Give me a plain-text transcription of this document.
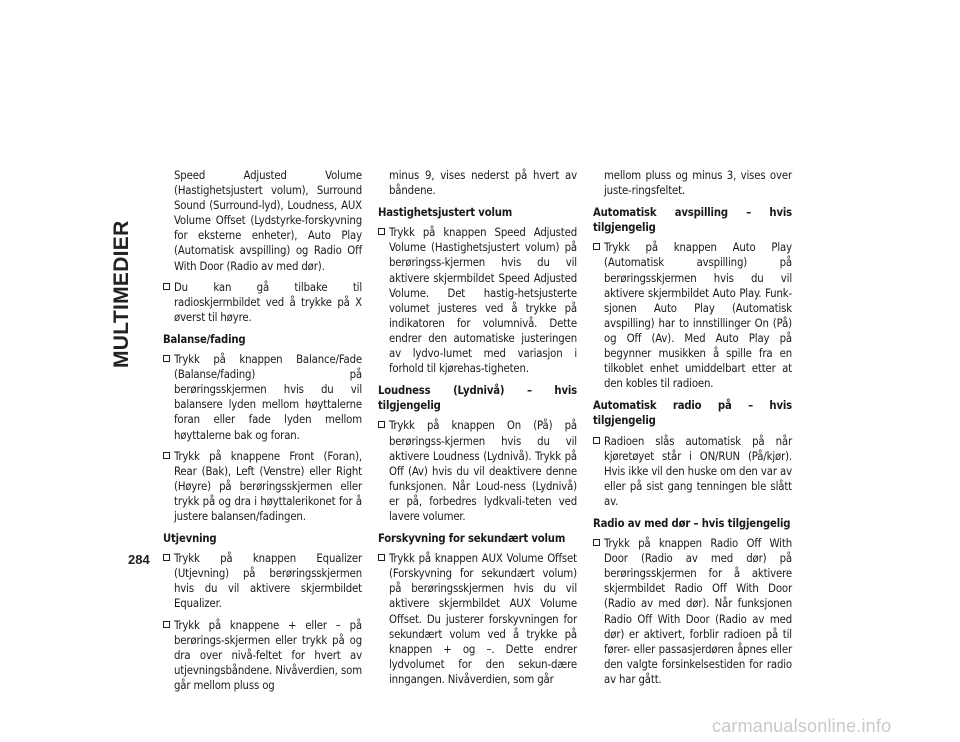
MULTIMEDIER
284

Speed Adjusted Volume (Hastighetsjustert volum), Surround Sound (Surround-lyd), Loudness, AUX Volume Offset (Lydstyrke-forskyvning for eksterne enheter), Auto Play (Automatisk avspilling) og Radio Off With Door (Radio av med dør).

Du kan gå tilbake til radioskjermbildet ved å trykke på X øverst til høyre.

Balanse/fading

Trykk på knappen Balance/Fade (Balanse/fading) på berøringsskjermen hvis du vil balansere lyden mellom høyttalerne foran eller fade lyden mellom høyttalerne bak og foran.
Trykk på knappene Front (Foran), Rear (Bak), Left (Venstre) eller Right (Høyre) på berøringsskjermen eller trykk på og dra i høyttalerikonet for å justere balansen/fadingen.

Utjevning

Trykk på knappen Equalizer (Utjevning) på berøringsskjermen hvis du vil aktivere skjermbildet Equalizer.
Trykk på knappene + eller – på berørings-skjermen eller trykk på og dra over nivå-feltet for hvert av utjevningsbåndene. Nivåverdien, som går mellom pluss og

minus 9, vises nederst på hvert av båndene.

Hastighetsjustert volum

Trykk på knappen Speed Adjusted Volume (Hastighetsjustert volum) på berøringss-kjermen hvis du vil aktivere skjermbildet Speed Adjusted Volume. Det hastig-hetsjusterte volumet justeres ved å trykke på indikatoren for volumnivå. Dette endrer den automatiske justeringen av lydvo-lumet med variasjon i forhold til kjørehas-tigheten.

Loudness (Lydnivå) – hvis tilgjengelig

Trykk på knappen On (På) på berøringss-kjermen hvis du vil aktivere Loudness (Lydnivå). Trykk på Off (Av) hvis du vil deaktivere denne funksjonen. Når Loud-ness (Lydnivå) er på, forbedres lydkvali-teten ved lavere volumer.

Forskyvning for sekundært volum

Trykk på knappen AUX Volume Offset (Forskyvning for sekundært volum) på berøringsskjermen hvis du vil aktivere skjermbildet AUX Volume Offset. Du justerer forskyvningen for sekundært volum ved å trykke på knappen + og –. Dette endrer lydvolumet for den sekun-dære inngangen. Nivåverdien, som går

mellom pluss og minus 3, vises over juste-ringsfeltet.

Automatisk avspilling – hvis tilgjengelig

Trykk på knappen Auto Play (Automatisk avspilling) på berøringsskjermen hvis du vil aktivere skjermbildet Auto Play. Funk-sjonen Auto Play (Automatisk avspilling) har to innstillinger On (På) og Off (Av). Med Auto Play på begynner musikken å spille fra en tilkoblet enhet umiddelbart etter at den kobles til radioen.

Automatisk radio på – hvis tilgjengelig

Radioen slås automatisk på når kjøretøyet står i ON/RUN (På/kjør). Hvis ikke vil den huske om den var av eller på sist gang tenningen ble slått av.

Radio av med dør – hvis tilgjengelig

Trykk på knappen Radio Off With Door (Radio av med dør) på berøringsskjermen for å aktivere skjermbildet Radio Off With Door (Radio av med dør). Når funksjonen Radio Off With Door (Radio av med dør) er aktivert, forblir radioen på til fører- eller passasjerdøren åpnes eller den valgte forsinkelsestiden for radio av har gått.
carmanualsonline.info
